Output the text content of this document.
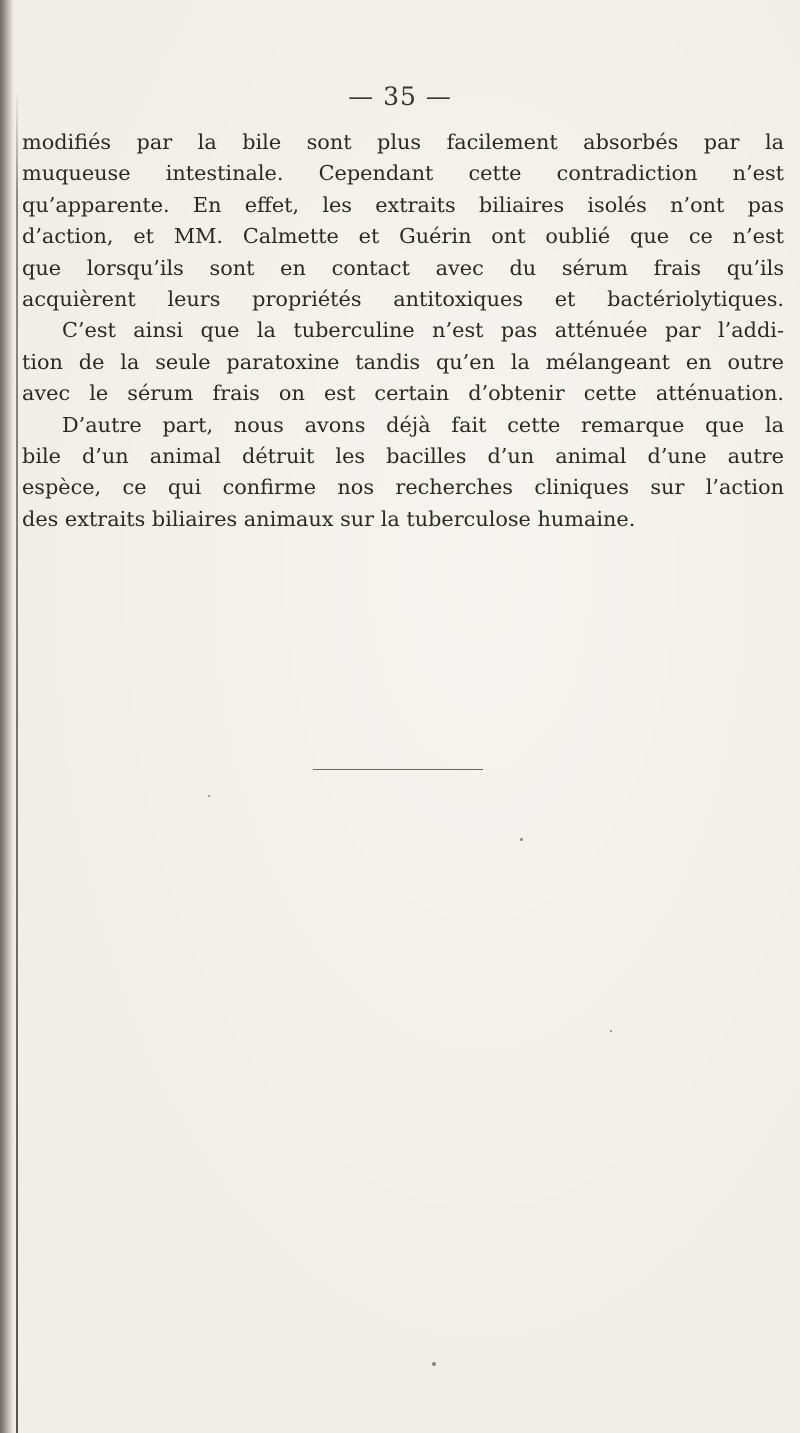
— 35 —
modifiés par la bile sont plus facilement absorbés par la
muqueuse intestinale. Cependant cette contradiction n’est
qu’apparente. En effet, les extraits biliaires isolés n’ont pas
d’action, et MM. Calmette et Guérin ont oublié que ce n’est
que lorsqu’ils sont en contact avec du sérum frais qu’ils
acquièrent leurs propriétés antitoxiques et bactériolytiques.
C’est ainsi que la tuberculine n’est pas atténuée par l’addi-
tion de la seule paratoxine tandis qu’en la mélangeant en outre
avec le sérum frais on est certain d’obtenir cette atténuation.
D’autre part, nous avons déjà fait cette remarque que la
bile d’un animal détruit les bacilles d’un animal d’une autre
espèce, ce qui confirme nos recherches cliniques sur l’action
des extraits biliaires animaux sur la tuberculose humaine.
